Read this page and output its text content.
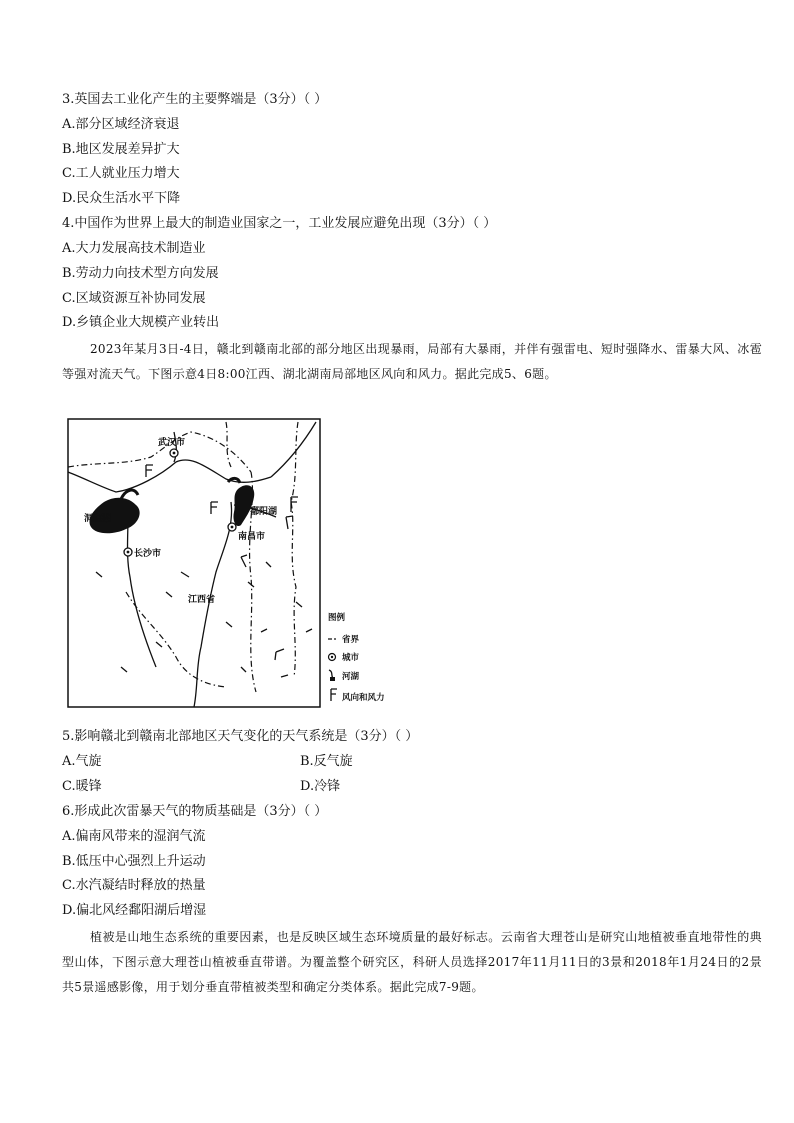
3.英国去工业化产生的主要弊端是（3分）（ ）
A.部分区域经济衰退
B.地区发展差异扩大
C.工人就业压力增大
D.民众生活水平下降
4.中国作为世界上最大的制造业国家之一，工业发展应避免出现（3分）（ ）
A.大力发展高技术制造业
B.劳动力向技术型方向发展
C.区域资源互补协同发展
D.乡镇企业大规模产业转出
2023年某月3日-4日，赣北到赣南北部的部分地区出现暴雨，局部有大暴雨，并伴有强雷电、短时强降水、雷暴大风、冰雹等强对流天气。下图示意4日8:00江西、湖北湖南局部地区风向和风力。据此完成5、6题。
武汉市
长沙市
南昌市
洞庭湖
鄱阳湖
江西省
图例
省界
城市
河湖
风向和风力
5.影响赣北到赣南北部地区天气变化的天气系统是（3分）（ ）
A.气旋	B.反气旋
C.暖锋	D.冷锋
6.形成此次雷暴天气的物质基础是（3分）（ ）
A.偏南风带来的湿润气流
B.低压中心强烈上升运动
C.水汽凝结时释放的热量
D.偏北风经鄱阳湖后增湿
植被是山地生态系统的重要因素，也是反映区域生态环境质量的最好标志。云南省大理苍山是研究山地植被垂直地带性的典型山体，下图示意大理苍山植被垂直带谱。为覆盖整个研究区，科研人员选择2017年11月11日的3景和2018年1月24日的2景共5景遥感影像，用于划分垂直带植被类型和确定分类体系。据此完成7-9题。
